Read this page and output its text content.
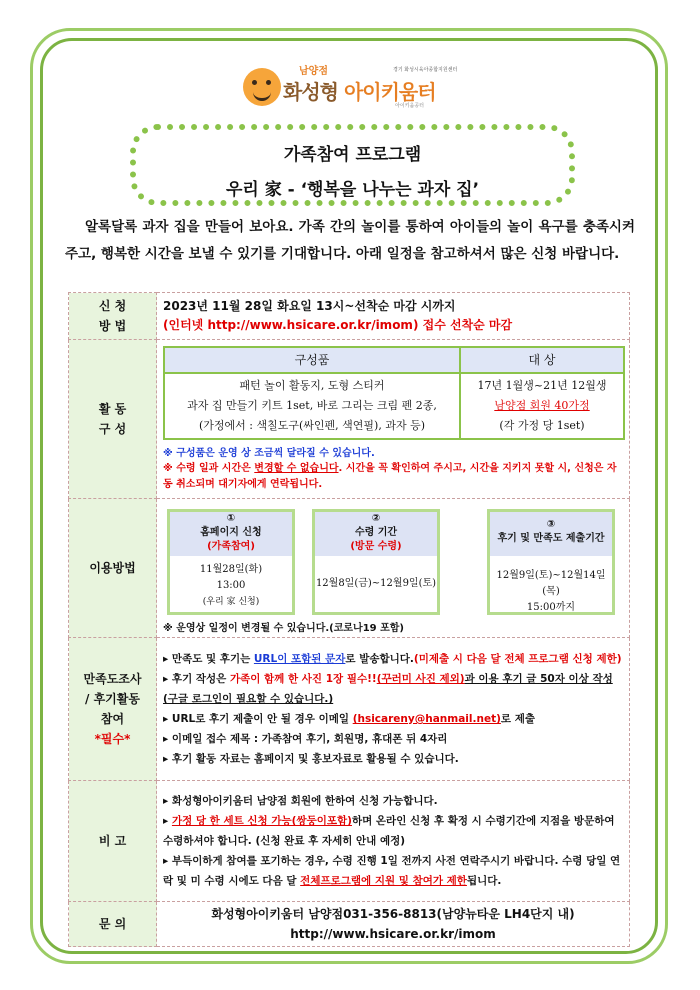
남양점	경기 화성시육아종합지원센터
화성형 아이키움터
아이키움공터
가족참여 프로그램
우리 家 - ‘행복을 나누는 과자 집’
알록달록 과자 집을 만들어 보아요. 가족 간의 놀이를 통하여 아이들의 놀이 욕구를 충족시켜주고, 행복한 시간을 보낼 수 있기를 기대합니다. 아래 일정을 참고하셔서 많은 신청 바랍니다.
신 청
방 법

2023년 11월 28일 화요일 13시~선착순 마감 시까지
(인터넷 http://www.hsicare.or.kr/imom) 접수 선착순 마감

활 동
구 성

구성품	대 상

패턴 놀이 활동지, 도형 스티커
과자 집 만들기 키트 1set, 바로 그리는 크림 펜 2종,
(가정에서 : 색칠도구(싸인펜, 색연필), 과자 등)

17년 1월생~21년 12월생
남양점 회원 40가정
(각 가정 당 1set)
※ 구성품은 운영 상 조금씩 달라질 수 있습니다.
※ 수령 일과 시간은 변경할 수 없습니다. 시간을 꼭 확인하여 주시고, 시간을 지키지 못할 시, 신청은 자동 취소되며 대기자에게 연락됩니다.

이용방법	
①
홈페이지 신청
(가족참여)
11월28일(화)
13:00
(우리 家 신청)
②
수령 기간
(방문 수령)
12월8일(금)~12월9일(토)
③
후기 및 만족도 제출기간
12월9일(토)~12월14일(목)
15:00까지
※ 운영상 일정이 변경될 수 있습니다.(코로나19 포함)

만족도조사
/ 후기활동
참여
*필수*

▸ 만족도 및 후기는 URL이 포함된 문자로 발송합니다.(미제출 시 다음 달 전체 프로그램 신청 제한)
▸ 후기 작성은 가족이 함께 한 사진 1장 필수!!(꾸러미 사진 제외)과 이용 후기 글 50자 이상 작성 (구글 로그인이 필요할 수 있습니다.)
▸ URL로 후기 제출이 안 될 경우 이메일 (hsicareny@hanmail.net)로 제출
▸ 이메일 접수 제목 : 가족참여 후기, 회원명, 휴대폰 뒤 4자리
▸ 후기 활동 자료는 홈페이지 및 홍보자료로 활용될 수 있습니다.

비 고	
▸ 화성형아이키움터 남양점 회원에 한하여 신청 가능합니다.
▸ 가정 당 한 세트 신청 가능(쌍둥이포함)하며 온라인 신청 후 확정 시 수령기간에 지점을 방문하여 수령하셔야 합니다. (신청 완료 후 자세히 안내 예정)
▸ 부득이하게 참여를 포기하는 경우, 수령 진행 1일 전까지 사전 연락주시기 바랍니다. 수령 당일 연락 및 미 수령 시에도 다음 달 전체프로그램에 지원 및 참여가 제한됩니다.

문 의	
화성형아이키움터 남양점031-356-8813(남양뉴타운 LH4단지 내)
http://www.hsicare.or.kr/imom
